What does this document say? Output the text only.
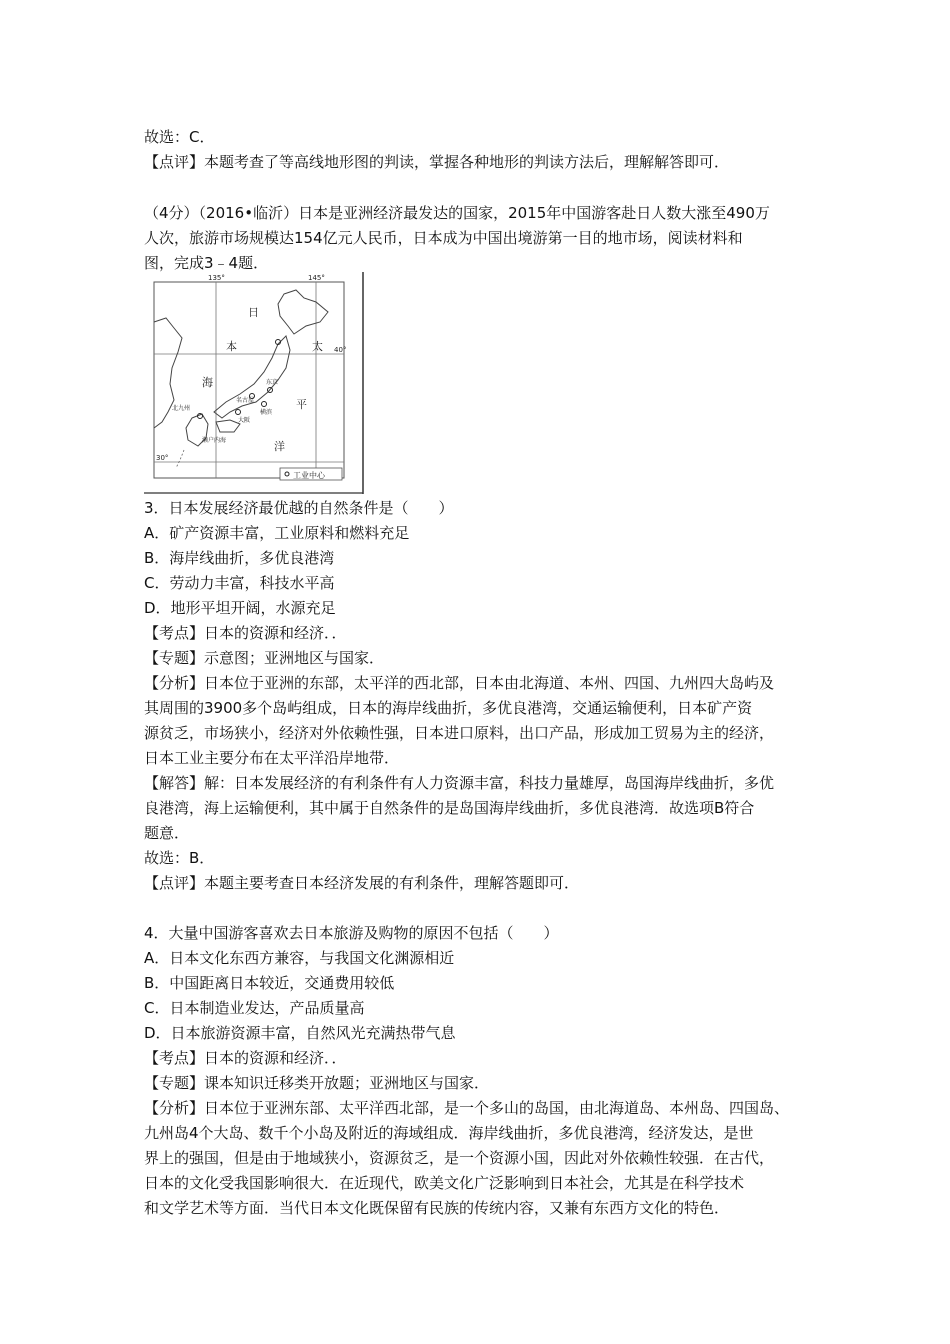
故选：C．
【点评】本题考查了等高线地形图的判读，掌握各种地形的判读方法后，理解解答即可．
（4分）（2016•临沂）日本是亚洲经济最发达的国家，2015年中国游客赴日人数大涨至490万
人次，旅游市场规模达154亿元人民币，日本成为中国出境游第一目的地市场，阅读材料和
图，完成3﹣4题．
工业中心
135°	145°
40°
30°
日
本
海
太
平
洋
名古屋
东京
大阪
横滨
北九州
濑户内海
3．日本发展经济最优越的自然条件是（　　）
A．矿产资源丰富，工业原料和燃料充足
B．海岸线曲折，多优良港湾
C．劳动力丰富，科技水平高
D．地形平坦开阔，水源充足
【考点】日本的资源和经济．．
【专题】示意图；亚洲地区与国家．
【分析】日本位于亚洲的东部，太平洋的西北部，日本由北海道、本州、四国、九州四大岛屿及
其周围的3900多个岛屿组成，日本的海岸线曲折，多优良港湾，交通运输便利，日本矿产资
源贫乏，市场狭小，经济对外依赖性强，日本进口原料，出口产品，形成加工贸易为主的经济，
日本工业主要分布在太平洋沿岸地带．
【解答】解：日本发展经济的有利条件有人力资源丰富，科技力量雄厚，岛国海岸线曲折，多优
良港湾，海上运输便利，其中属于自然条件的是岛国海岸线曲折，多优良港湾．故选项B符合
题意．
故选：B．
【点评】本题主要考查日本经济发展的有利条件，理解答题即可．
4．大量中国游客喜欢去日本旅游及购物的原因不包括（　　）
A．日本文化东西方兼容，与我国文化渊源相近
B．中国距离日本较近，交通费用较低
C．日本制造业发达，产品质量高
D．日本旅游资源丰富，自然风光充满热带气息
【考点】日本的资源和经济．．
【专题】课本知识迁移类开放题；亚洲地区与国家．
【分析】日本位于亚洲东部、太平洋西北部，是一个多山的岛国，由北海道岛、本州岛、四国岛、
九州岛4个大岛、数千个小岛及附近的海域组成．海岸线曲折，多优良港湾，经济发达，是世
界上的强国，但是由于地域狭小，资源贫乏，是一个资源小国，因此对外依赖性较强．在古代，
日本的文化受我国影响很大．在近现代，欧美文化广泛影响到日本社会，尤其是在科学技术
和文学艺术等方面．当代日本文化既保留有民族的传统内容，又兼有东西方文化的特色．
